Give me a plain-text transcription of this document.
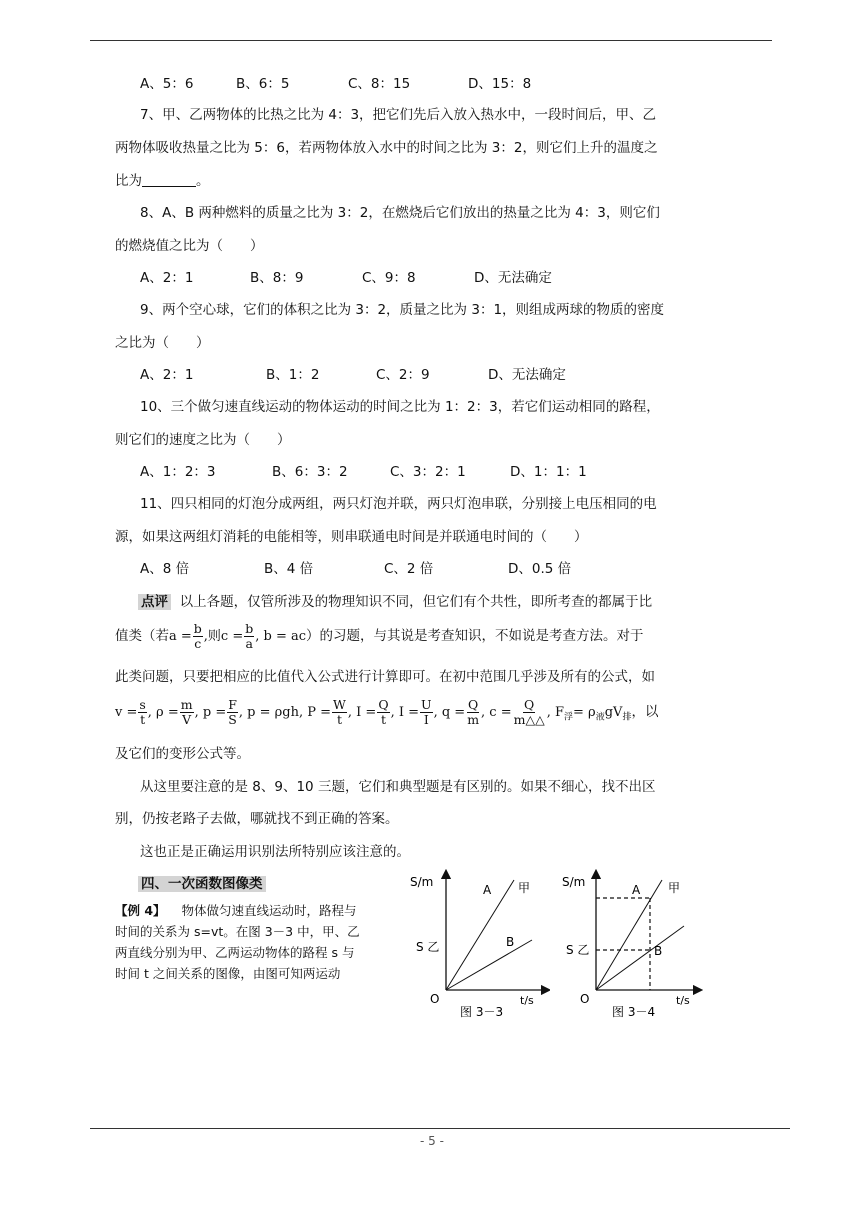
A、5：6	B、6：5	C、8：15	D、15：8
7、甲、乙两物体的比热之比为 4：3，把它们先后入放入热水中，一段时间后，甲、乙
两物体吸收热量之比为 5：6，若两物体放入水中的时间之比为 3：2，则它们上升的温度之
比为	。
8、A、B 两种燃料的质量之比为 3：2，在燃烧后它们放出的热量之比为 4：3，则它们
的燃烧值之比为（　　）
A、2：1	B、8：9	C、9：8	D、无法确定
9、两个空心球，它们的体积之比为 3：2，质量之比为 3：1，则组成两球的物质的密度
之比为（　　）
A、2：1	B、1：2	C、2：9	D、无法确定
10、三个做匀速直线运动的物体运动的时间之比为 1：2：3，若它们运动相同的路程，
则它们的速度之比为（　　）
A、1：2：3	B、6：3：2	C、3：2：1	D、1：1：1
11、四只相同的灯泡分成两组，两只灯泡并联，两只灯泡串联，分别接上电压相同的电
源，如果这两组灯消耗的电能相等，则串联通电时间是并联通电时间的（　　）
A、8 倍	B、4 倍	C、2 倍	D、0.5 倍
点评 以上各题，仅管所涉及的物理知识不同，但它们有个共性，即所考查的都属于比
值类（若$a = \frac{b}{c}$ ,则$c = \frac{b}{a}$ , b = ac）的习题，与其说是考查知识，不如说是考查方法。对于
此类问题，只要把相应的比值代入公式进行计算即可。在初中范围几乎涉及所有的公式，如
$v = \frac{s}{t}$ , $\rho = \frac{m}{V}$ , $p = \frac{F}{S}$ , p = ρgh, $P = \frac{W}{t}$ , $I = \frac{Q}{t}$ , $I = \frac{U}{I}$ , $q = \frac{Q}{m}$ , $c = \frac{Q}{m\triangle\triangle}$ , $F_浮= \rho_液gV_排$，以
及它们的变形公式等。
从这里要注意的是 8、9、10 三题，它们和典型题是有区别的。如果不细心，找不出区
别，仍按老路子去做，哪就找不到正确的答案。
这也正是正确运用识别法所特别应该注意的。
四、一次函数图像类
【例 4】 物体做匀速直线运动时，路程与
时间的关系为 s=vt。在图 3－3 中，甲、乙
两直线分别为甲、乙两运动物体的路程 s 与
时间 t 之间关系的图像，由图可知两运动
S/m
t/s
O
S 乙
A 甲
B
图 3－3
S/m
t/s
O
S 乙
A 甲
B
图 3－4
- 5 -
